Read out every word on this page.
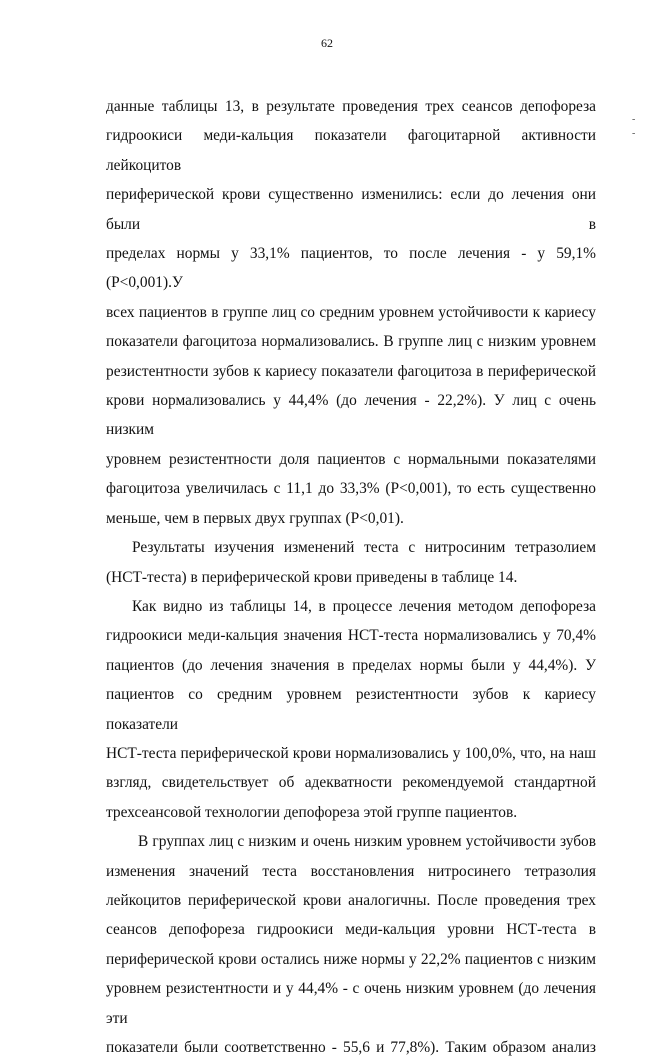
62
-
-

данные таблицы 13, в результате проведения трех сеансов депофореза

гидроокиси меди-кальция показатели фагоцитарной активности лейкоцитов

периферической крови существенно изменились: если до лечения они были в

пределах нормы у 33,1% пациентов, то после лечения - у 59,1% (Р<0,001).У

всех пациентов в группе лиц со средним уровнем устойчивости к кариесу

показатели фагоцитоза нормализовались. В группе лиц с низким уровнем

резистентности зубов к кариесу показатели фагоцитоза в периферической

крови нормализовались у 44,4% (до лечения - 22,2%). У лиц с очень низким

уровнем резистентности доля пациентов с нормальными показателями

фагоцитоза увеличилась с 11,1 до 33,3% (Р<0,001), то есть существенно

меньше, чем в первых двух группах (Р<0,01).

Результаты изучения изменений теста с нитросиним тетразолием

(НСТ-теста) в периферической крови приведены в таблице 14.

Как видно из таблицы 14, в процессе лечения методом депофореза

гидроокиси меди-кальция значения НСТ-теста нормализовались у 70,4%

пациентов (до лечения значения в пределах нормы были у 44,4%). У

пациентов со средним уровнем резистентности зубов к кариесу показатели

НСТ-теста периферической крови нормализовались у 100,0%, что, на наш

взгляд, свидетельствует об адекватности рекомендуемой стандартной

трехсеансовой технологии депофореза этой группе пациентов.

В группах лиц с низким и очень низким уровнем устойчивости зубов

изменения значений теста восстановления нитросинего тетразолия

лейкоцитов периферической крови аналогичны. После проведения трех

сеансов депофореза гидроокиси меди-кальция уровни НСТ-теста в

периферической крови остались ниже нормы у 22,2% пациентов с низким

уровнем резистентности и у 44,4% - с очень низким уровнем (до лечения эти

показатели были соответственно - 55,6 и 77,8%). Таким образом анализ
